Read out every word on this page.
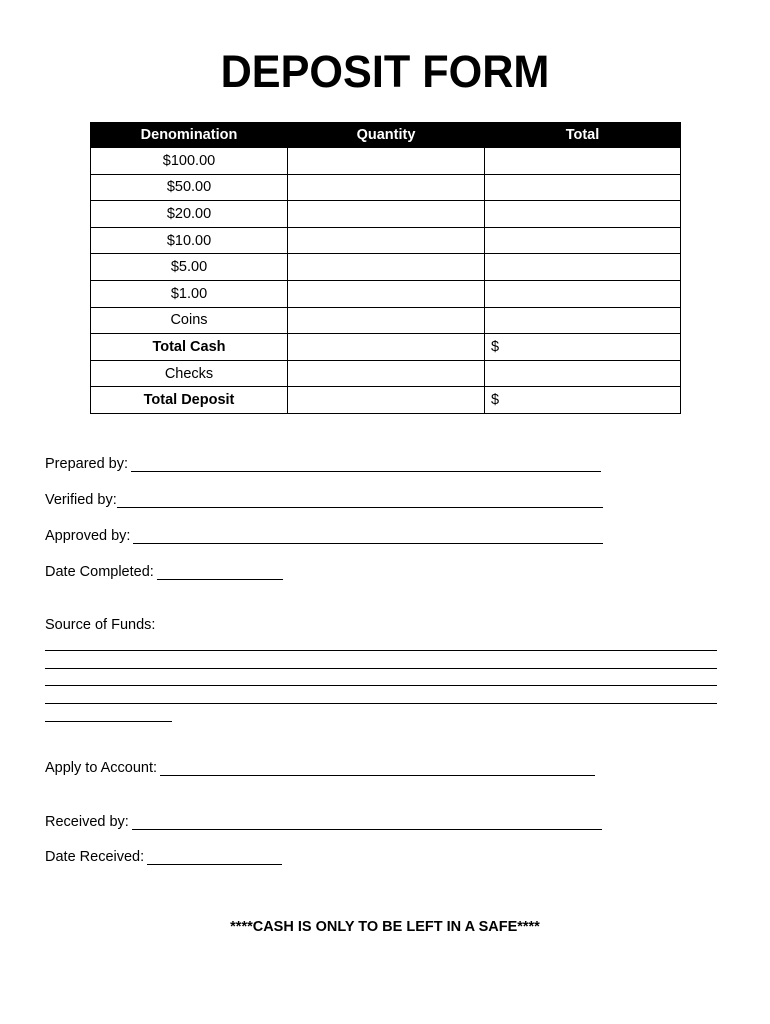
DEPOSIT FORM
Denomination	Quantity	Total
$100.00		
$50.00		
$20.00		
$10.00		
$5.00		
$1.00		
Coins		
Total Cash		$
Checks		
Total Deposit		$
Prepared by:
Verified by:
Approved by:
Date Completed:
Source of Funds:
Apply to Account:
Received by:
Date Received:
****CASH IS ONLY TO BE LEFT IN A SAFE****
